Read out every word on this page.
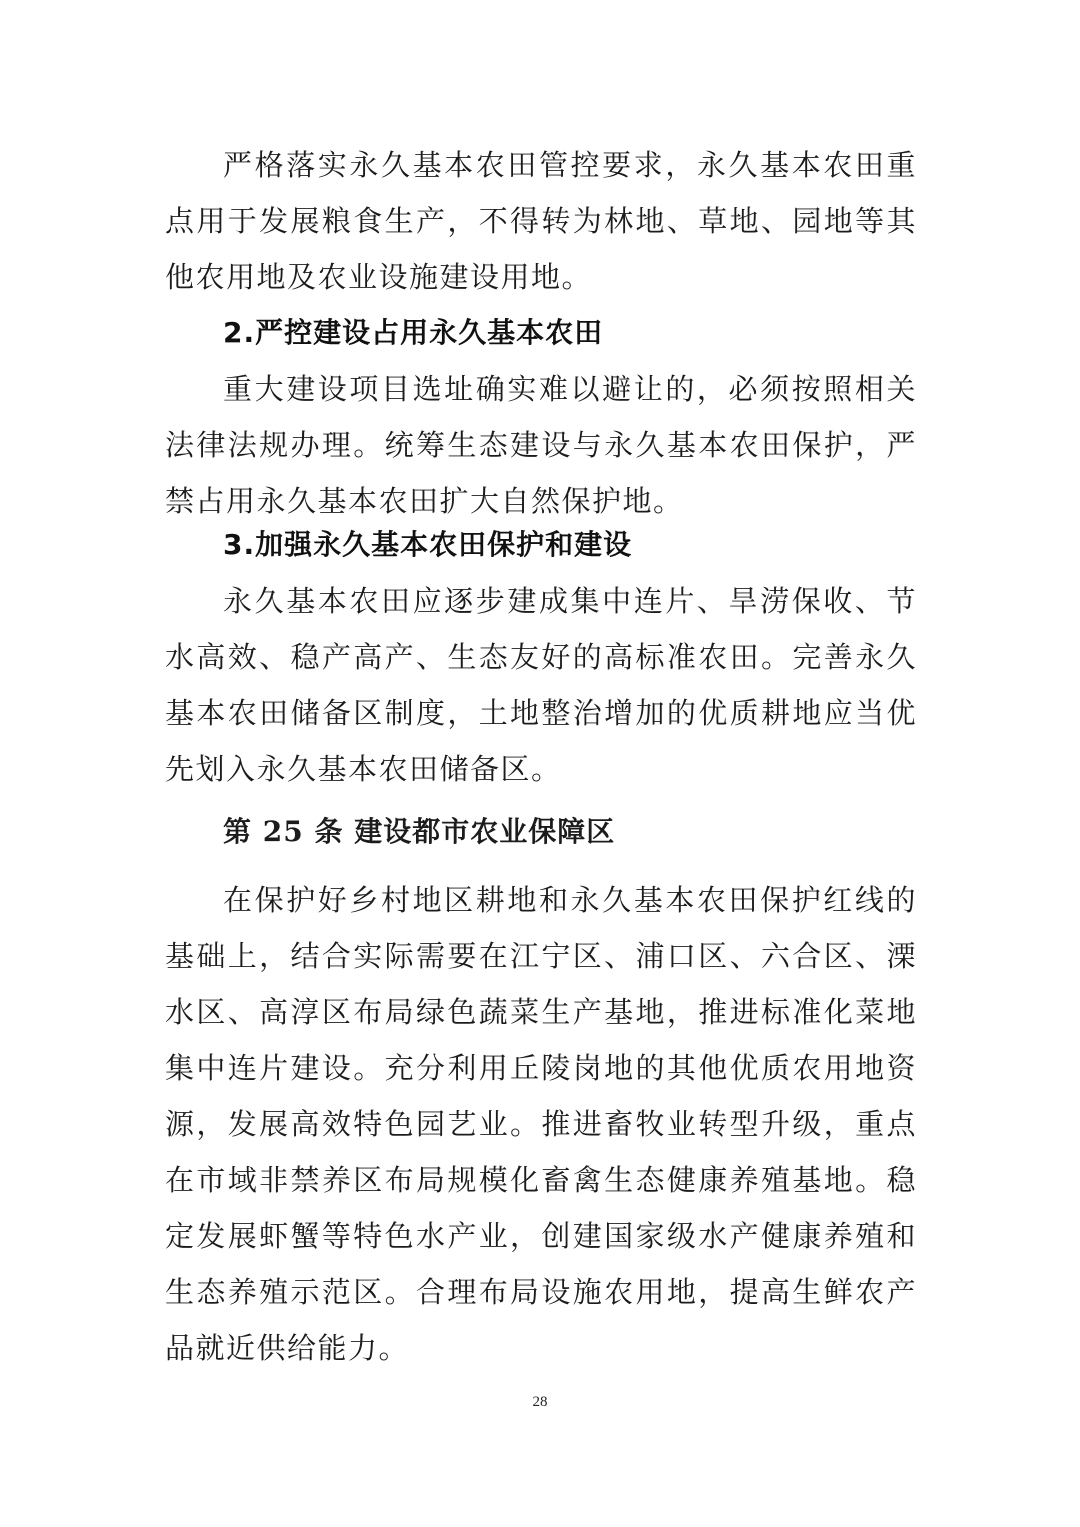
严格落实永久基本农田管控要求，永久基本农田重点用于发展粮食生产，不得转为林地、草地、园地等其他农用地及农业设施建设用地。

2.严控建设占用永久基本农田

重大建设项目选址确实难以避让的，必须按照相关法律法规办理。统筹生态建设与永久基本农田保护，严禁占用永久基本农田扩大自然保护地。

3.加强永久基本农田保护和建设

永久基本农田应逐步建成集中连片、旱涝保收、节水高效、稳产高产、生态友好的高标准农田。完善永久基本农田储备区制度，土地整治增加的优质耕地应当优先划入永久基本农田储备区。

第 25 条 建设都市农业保障区

在保护好乡村地区耕地和永久基本农田保护红线的基础上，结合实际需要在江宁区、浦口区、六合区、溧水区、高淳区布局绿色蔬菜生产基地，推进标准化菜地集中连片建设。充分利用丘陵岗地的其他优质农用地资源，发展高效特色园艺业。推进畜牧业转型升级，重点在市域非禁养区布局规模化畜禽生态健康养殖基地。稳定发展虾蟹等特色水产业，创建国家级水产健康养殖和生态养殖示范区。合理布局设施农用地，提高生鲜农产品就近供给能力。

28
